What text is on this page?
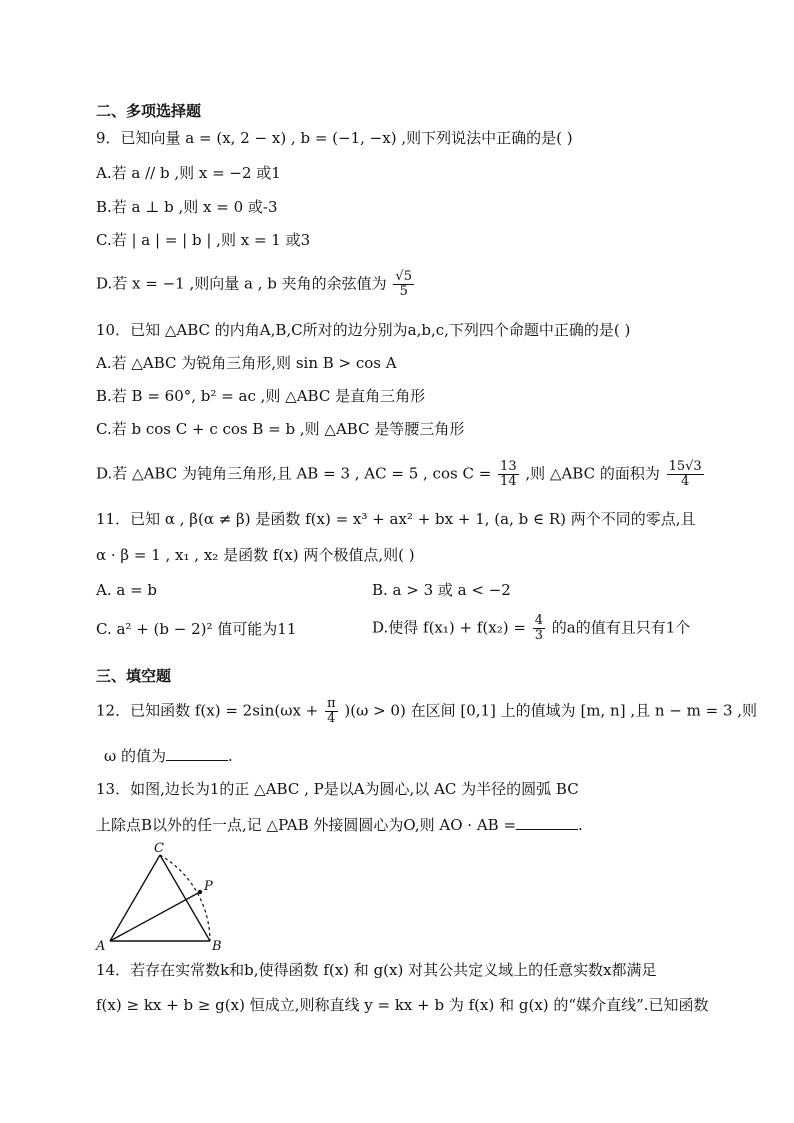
二、多项选择题
9．已知向量 a = (x, 2 − x) , b = (−1, −x) ,则下列说法中正确的是( )
A.若 a // b ,则 x = −2 或1
B.若 a ⊥ b ,则 x = 0 或-3
C.若 | a | = | b | ,则 x = 1 或3
D.若 x = −1 ,则向量 a , b 夹角的余弦值为 $\frac{√5}{5}$
10．已知 △ABC 的内角A,B,C所对的边分别为a,b,c,下列四个命题中正确的是( )
A.若 △ABC 为锐角三角形,则 sin B > cos A
B.若 B = 60°, b² = ac ,则 △ABC 是直角三角形
C.若 b cos C + c cos B = b ,则 △ABC 是等腰三角形
D.若 △ABC 为钝角三角形,且 AB = 3 , AC = 5 , $\cos C = \frac{13}{14}$ ,则 △ABC 的面积为 $\frac{15√3}{4}$
11．已知 α , β(α ≠ β) 是函数 f(x) = x³ + ax² + bx + 1, (a, b ∈ R) 两个不同的零点,且
α · β = 1 , x₁ , x₂ 是函数 f(x) 两个极值点,则( )
A. a = b	B. a > 3 或 a < −2
C. a² + (b − 2)² 值可能为11	D.使得 $f(x_1) + f(x_2) = \frac{4}{3}$ 的a的值有且只有1个
三、填空题
12．已知函数 $f(x) = 2\sin(\omega x + \frac{\pi}{4} )(\omega > 0)$ 在区间 [0,1] 上的值域为 [m, n] ,且 n − m = 3 ,则
ω 的值为	.
13．如图,边长为1的正 △ABC , P是以A为圆心,以 AC 为半径的圆弧 BC
上除点B以外的任一点,记 △PAB 外接圆圆心为O,则 AO · AB =	.
A	B
C
P
14．若存在实常数k和b,使得函数 f(x) 和 g(x) 对其公共定义域上的任意实数x都满足
f(x) ≥ kx + b ≥ g(x) 恒成立,则称直线 y = kx + b 为 f(x) 和 g(x) 的“媒介直线”.已知函数
